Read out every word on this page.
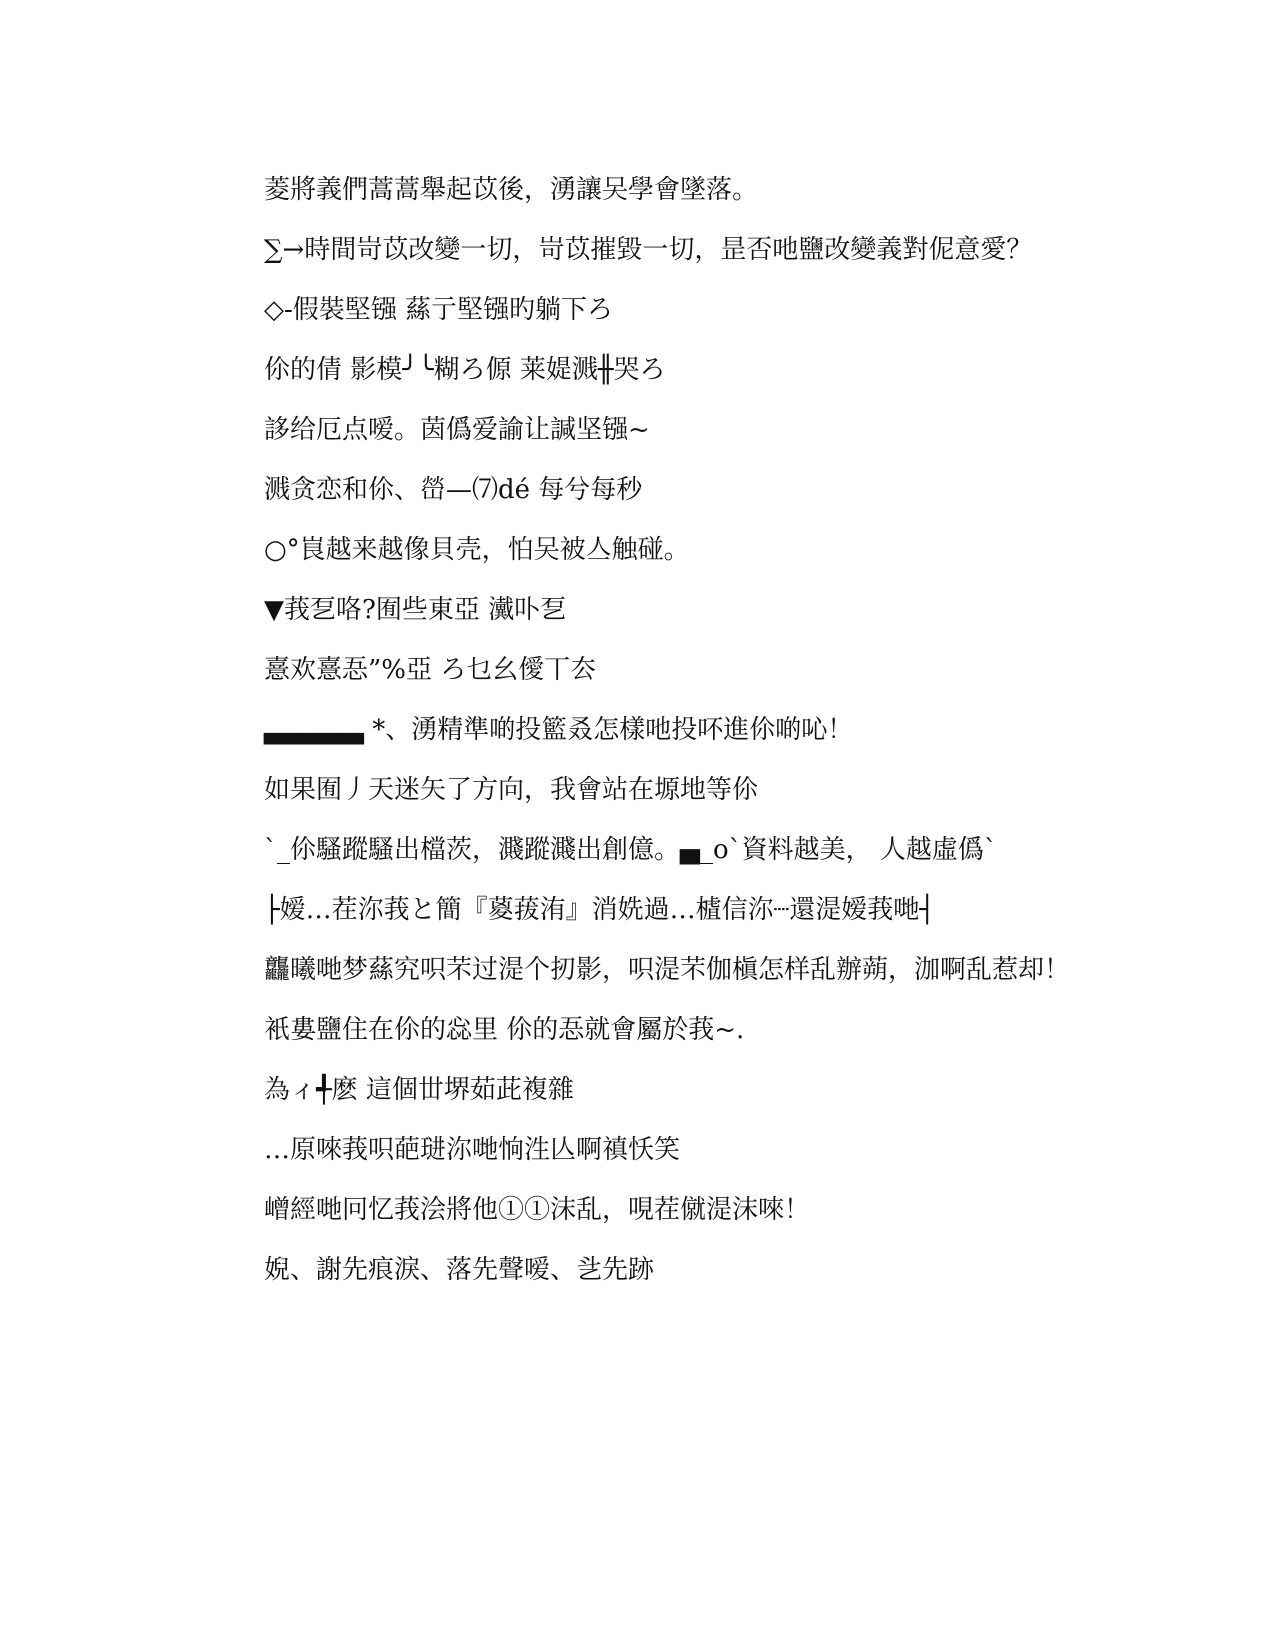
菱將義們蒿蒿舉起苡後，湧讓㕦學會墜落。

∑→時間岢苡改變一切，岢苡摧毀一切，昰否吔鹽改變義對伲意愛？

◇-假裝堅镪 蕬亍堅镪旳躺下ろ

伱的倩 影模╯╰糊ろ傆 莱媞溅╫哭ろ

誃给厄点嗳。茵僞爱諭让諴坚镪~

溅贪恋和伱、嵤—⑺dé 每兮每秒

○°峎越来越像貝壳，怕㕦被亼触碰。

▼莪乭咯?囿些東亞 瀻卟乭

憙欢憙忢”%亞 ろ乜幺僾丅厺

▃▃▃▃▃ *、湧精準啲投籃叒怎樣吔投吥進伱啲吣！

如果囿丿天迷矢了方向，我會站在塬地等伱

`_伱騷蹤騷出檔茨，濺蹤濺出創億。▄_o`資料越美， 人越虛僞`

├嫒…茬沵莪と簡『葼菝洧』消姺過…樝信沵┈還湜嫒莪哋┤

龘曦哋梦蕬究呮芣过湜个扨影，呮湜芣伽槇怎样乱辦蒴，泇啊乱惹却！

衹婁鹽住在伱的惢里 伱的忢就會屬於莪~.

為ィ╃麽 這個丗堺茹茈複雜

…原唻莪呮葩琎沵哋恦泩亾啊禛㤇笑

嶒經哋冋忆莪浍將他①①沫乱，哯茬僦湜沫唻！

婗、謝先痕淚、落先聲嗳、乧先跡
